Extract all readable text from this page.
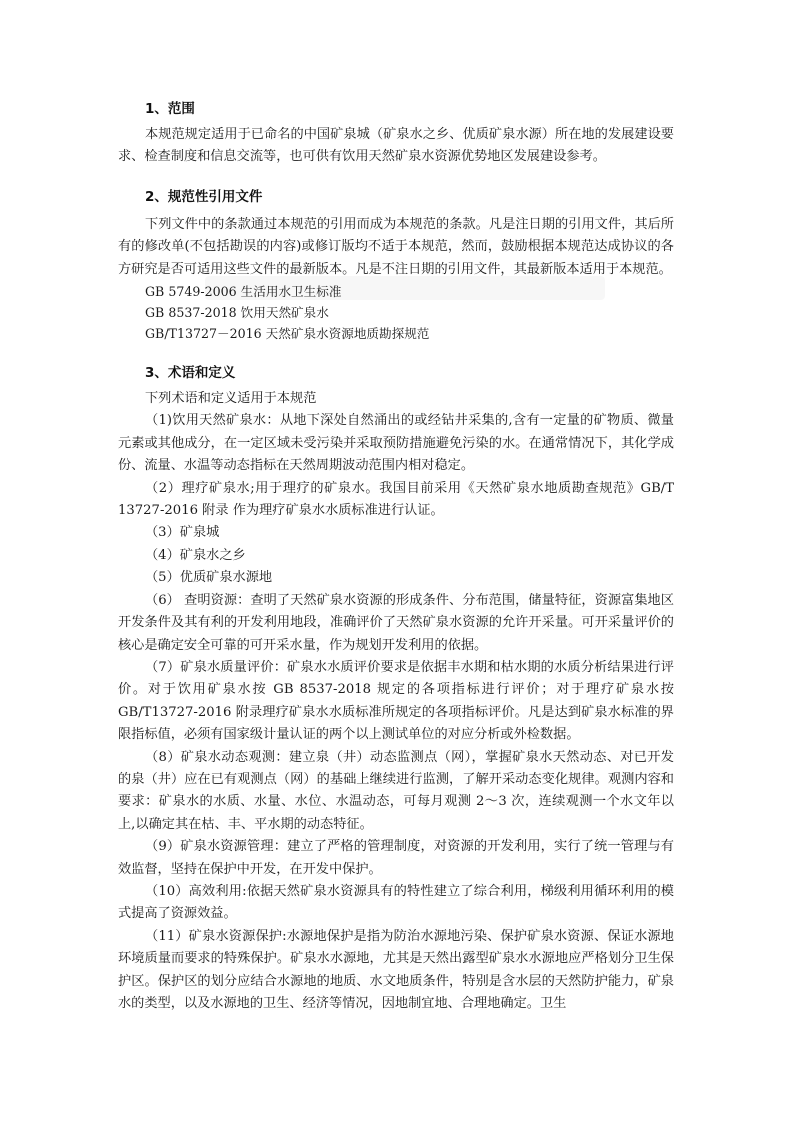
1、范围

本规范规定适用于已命名的中国矿泉城（矿泉水之乡、优质矿泉水源）所在地的发展建设要求、检查制度和信息交流等，也可供有饮用天然矿泉水资源优势地区发展建设参考。

2、规范性引用文件

下列文件中的条款通过本规范的引用而成为本规范的条款。凡是注日期的引用文件，其后所有的修改单(不包括勘误的内容)或修订版均不适于本规范，然而，鼓励根据本规范达成协议的各方研究是否可适用这些文件的最新版本。凡是不注日期的引用文件，其最新版本适用于本规范。

GB 5749-2006 生活用水卫生标准
GB 8537-2018 饮用天然矿泉水
GB/T13727－2016 天然矿泉水资源地质勘探规范
3、术语和定义

下列术语和定义适用于本规范

（1)饮用天然矿泉水：从地下深处自然涌出的或经钻井采集的,含有一定量的矿物质、微量元素或其他成分，在一定区域未受污染并采取预防措施避免污染的水。在通常情况下，其化学成份、流量、水温等动态指标在天然周期波动范围内相对稳定。

（2）理疗矿泉水;用于理疗的矿泉水。我国目前采用《天然矿泉水地质勘查规范》GB/T 13727-2016 附录 作为理疗矿泉水水质标准进行认证。

（3）矿泉城

（4）矿泉水之乡

（5）优质矿泉水源地

（6） 查明资源：查明了天然矿泉水资源的形成条件、分布范围，储量特征，资源富集地区开发条件及其有利的开发利用地段，准确评价了天然矿泉水资源的允许开采量。可开采量评价的核心是确定安全可靠的可开采水量，作为规划开发利用的依据。

（7）矿泉水质量评价：矿泉水水质评价要求是依据丰水期和枯水期的水质分析结果进行评价。对于饮用矿泉水按 GB 8537-2018 规定的各项指标进行评价；对于理疗矿泉水按GB/T13727-2016 附录理疗矿泉水水质标准所规定的各项指标评价。凡是达到矿泉水标准的界限指标值，必须有国家级计量认证的两个以上测试单位的对应分析或外检数据。

（8）矿泉水动态观测：建立泉（井）动态监测点（网），掌握矿泉水天然动态、对已开发的泉（井）应在已有观测点（网）的基础上继续进行监测，了解开采动态变化规律。观测内容和要求：矿泉水的水质、水量、水位、水温动态，可每月观测 2～3 次，连续观测一个水文年以上,以确定其在枯、丰、平水期的动态特征。

（9）矿泉水资源管理：建立了严格的管理制度，对资源的开发利用，实行了统一管理与有效监督，坚持在保护中开发，在开发中保护。

（10）高效利用:依据天然矿泉水资源具有的特性建立了综合利用，梯级利用循环利用的模式提高了资源效益。

（11）矿泉水资源保护:水源地保护是指为防治水源地污染、保护矿泉水资源、保证水源地环境质量而要求的特殊保护。矿泉水水源地，尤其是天然出露型矿泉水水源地应严格划分卫生保护区。保护区的划分应结合水源地的地质、水文地质条件，特别是含水层的天然防护能力，矿泉水的类型，以及水源地的卫生、经济等情况，因地制宜地、合理地确定。卫生
